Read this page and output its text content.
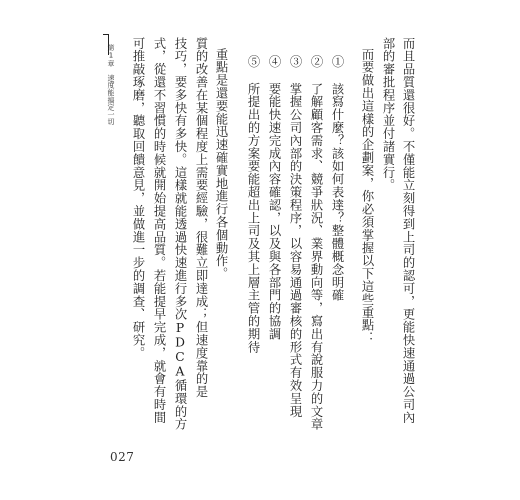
第1章　速度能搞定一切	而且品質還很好。不僅能立刻得到上司的認可，更能快速通過公司內
部的審批程序並付諸實行。
而要做出這樣的企劃案，你必須掌握以下這些重點：
① 該寫什麼？該如何表達？整體概念明確
② 了解顧客需求、競爭狀況、業界動向等，寫出有說服力的文章
③ 掌握公司內部的決策程序，以容易通過審核的形式有效呈現
④ 要能快速完成內容確認，以及與各部門的協調
⑤ 所提出的方案要能超出上司及其上層主管的期待
重點是還要能迅速確實地進行各個動作。
質的改善在某個程度上需要經驗，很難立即達成；但速度靠的是
技巧，要多快有多快。這樣就能透過快速進行多次PDCA循環的方
式，從還不習慣的時候就開始提高品質。若能提早完成，就會有時間
可推敲琢磨，聽取回饋意見，並做進一步的調查、研究。
027
